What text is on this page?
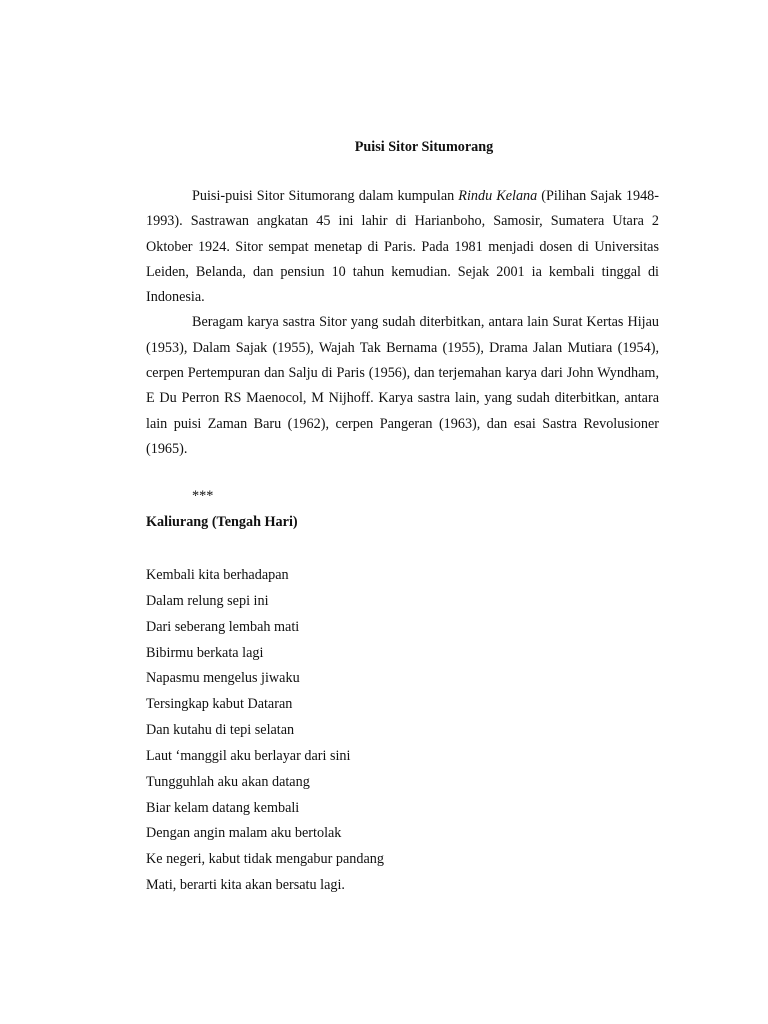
Puisi Sitor Situmorang

Puisi-puisi Sitor Situmorang dalam kumpulan Rindu Kelana (Pilihan Sajak 1948- 1993). Sastrawan angkatan 45 ini lahir di Harianboho, Samosir, Sumatera Utara 2 Oktober 1924. Sitor sempat menetap di Paris. Pada 1981 menjadi dosen di Universitas Leiden, Belanda, dan pensiun 10 tahun kemudian. Sejak 2001 ia kembali tinggal di Indonesia.

Beragam karya sastra Sitor yang sudah diterbitkan, antara lain Surat Kertas Hijau (1953), Dalam Sajak (1955), Wajah Tak Bernama (1955), Drama Jalan Mutiara (1954), cerpen Pertempuran dan Salju di Paris (1956), dan terjemahan karya dari John Wyndham, E Du Perron RS Maenocol, M Nijhoff. Karya sastra lain, yang sudah diterbitkan, antara lain puisi Zaman Baru (1962), cerpen Pangeran (1963), dan esai Sastra Revolusioner (1965).

***
Kaliurang (Tengah Hari)
Kembali kita berhadapan
Dalam relung sepi ini
Dari seberang lembah mati
Bibirmu berkata lagi
Napasmu mengelus jiwaku
Tersingkap kabut Dataran
Dan kutahu di tepi selatan
Laut ‘manggil aku berlayar dari sini
Tungguhlah aku akan datang
Biar kelam datang kembali
Dengan angin malam aku bertolak
Ke negeri, kabut tidak mengabur pandang
Mati, berarti kita akan bersatu lagi.
